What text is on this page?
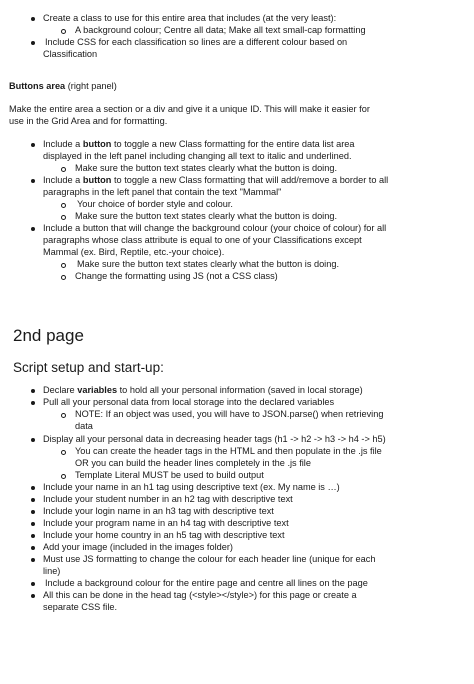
Create a class to use for this entire area that includes (at the very least):
A background colour; Centre all data; Make all text small-cap formatting
Include CSS for each classification so lines are a different colour based on
Classification
Buttons area (right panel)
Make the entire area a section or a div and give it a unique ID. This will make it easier for
use in the Grid Area and for formatting.
Include a button to toggle a new Class formatting for the entire data list area
displayed in the left panel including changing all text to italic and underlined.
Make sure the button text states clearly what the button is doing.
Include a button to toggle a new Class formatting that will add/remove a border to all
paragraphs in the left panel that contain the text "Mammal"
Your choice of border style and colour.
Make sure the button text states clearly what the button is doing.
Include a button that will change the background colour (your choice of colour) for all
paragraphs whose class attribute is equal to one of your Classifications except
Mammal (ex. Bird, Reptile, etc.-your choice).
Make sure the button text states clearly what the button is doing.
Change the formatting using JS (not a CSS class)
2nd page
Script setup and start-up:
Declare variables to hold all your personal information (saved in local storage)
Pull all your personal data from local storage into the declared variables
NOTE: If an object was used, you will have to JSON.parse() when retrieving
data
Display all your personal data in decreasing header tags (h1 -> h2 -> h3 -> h4 -> h5)
You can create the header tags in the HTML and then populate in the .js file
OR you can build the header lines completely in the .js file
Template Literal MUST be used to build output
Include your name in an h1 tag using descriptive text (ex. My name is …)
Include your student number in an h2 tag with descriptive text
Include your login name in an h3 tag with descriptive text
Include your program name in an h4 tag with descriptive text
Include your home country in an h5 tag with descriptive text
Add your image (included in the images folder)
Must use JS formatting to change the colour for each header line (unique for each
line)
Include a background colour for the entire page and centre all lines on the page
All this can be done in the head tag (<style></style>) for this page or create a
separate CSS file.
